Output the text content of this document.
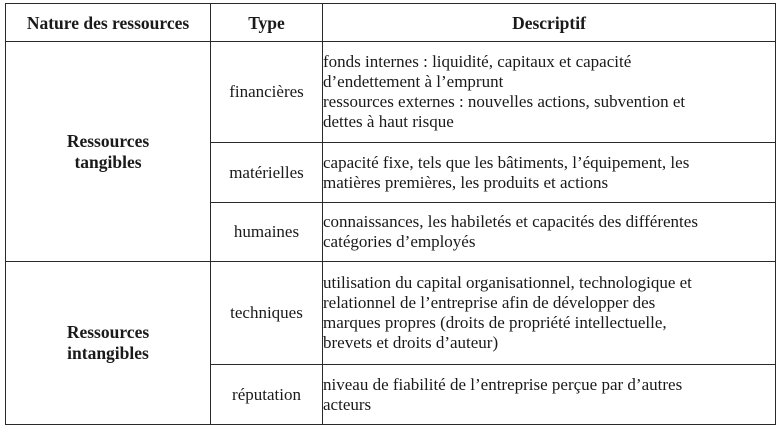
Nature des ressources	Type	Descriptif

Ressources
tangibles	financières	fonds internes : liquidité, capitaux et capacité
d’endettement à l’emprunt
ressources externes : nouvelles actions, subvention et
dettes à haut risque

	matérielles	capacité fixe, tels que les bâtiments, l’équipement, les
matières premières, les produits et actions

	humaines	connaissances, les habiletés et capacités des différentes
catégories d’employés

Ressources
intangibles	techniques	utilisation du capital organisationnel, technologique et
relationnel de l’entreprise afin de développer des
marques propres (droits de propriété intellectuelle,
brevets et droits d’auteur)

	réputation	niveau de fiabilité de l’entreprise perçue par d’autres
acteurs
